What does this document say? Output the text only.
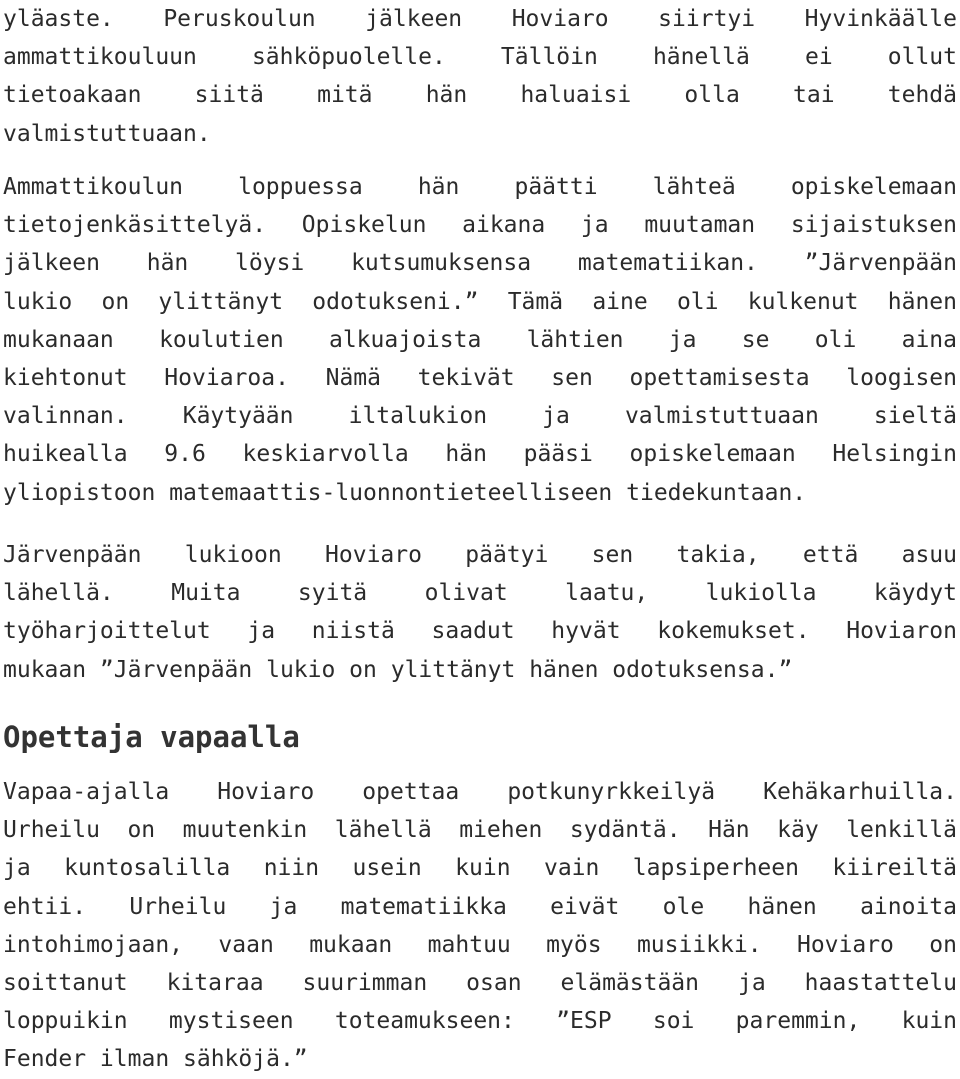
yläaste. Peruskoulun jälkeen Hoviaro siirtyi Hyvinkäälle
ammattikouluun sähköpuolelle. Tällöin hänellä ei ollut
tietoakaan siitä mitä hän haluaisi olla tai tehdä
valmistuttuaan.
Ammattikoulun loppuessa hän päätti lähteä opiskelemaan
tietojenkäsittelyä. Opiskelun aikana ja muutaman sijaistuksen
jälkeen hän löysi kutsumuksensa matematiikan. ”Järvenpään
lukio on ylittänyt odotukseni.” Tämä aine oli kulkenut hänen
mukanaan koulutien alkuajoista lähtien ja se oli aina
kiehtonut Hoviaroa. Nämä tekivät sen opettamisesta loogisen
valinnan. Käytyään iltalukion ja valmistuttuaan sieltä
huikealla 9.6 keskiarvolla hän pääsi opiskelemaan Helsingin
yliopistoon matemaattis-luonnontieteelliseen tiedekuntaan.
Järvenpään lukioon Hoviaro päätyi sen takia, että asuu
lähellä. Muita syitä olivat laatu, lukiolla käydyt
työharjoittelut ja niistä saadut hyvät kokemukset. Hoviaron
mukaan ”Järvenpään lukio on ylittänyt hänen odotuksensa.”
Opettaja vapaalla
Vapaa-ajalla Hoviaro opettaa potkunyrkkeilyä Kehäkarhuilla.
Urheilu on muutenkin lähellä miehen sydäntä. Hän käy lenkillä
ja kuntosalilla niin usein kuin vain lapsiperheen kiireiltä
ehtii. Urheilu ja matematiikka eivät ole hänen ainoita
intohimojaan, vaan mukaan mahtuu myös musiikki. Hoviaro on
soittanut kitaraa suurimman osan elämästään ja haastattelu
loppuikin mystiseen toteamukseen: ”ESP soi paremmin, kuin
Fender ilman sähköjä.”
